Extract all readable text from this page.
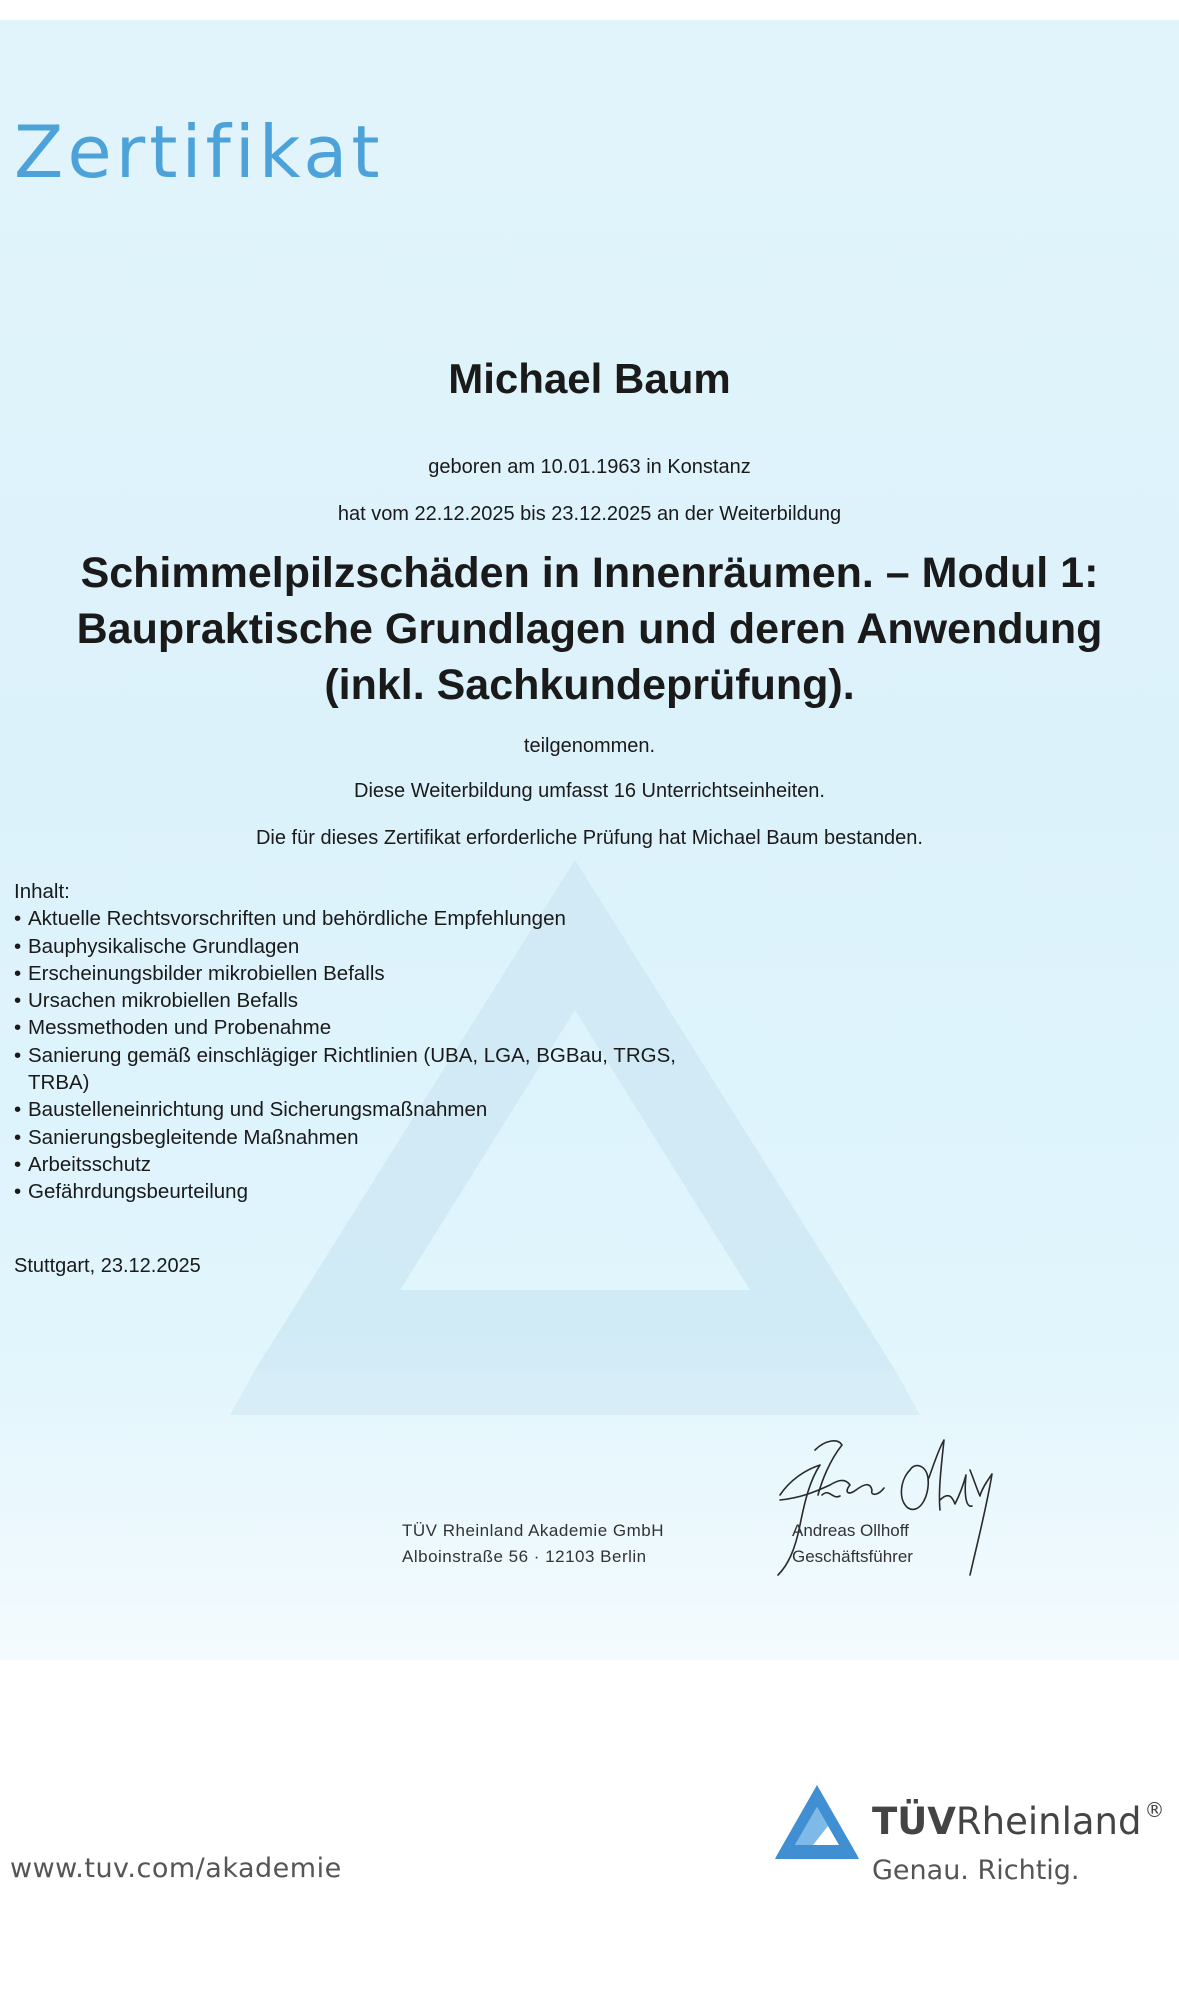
Zertifikat
Michael Baum
geboren am 10.01.1963 in Konstanz
hat vom 22.12.2025 bis 23.12.2025 an der Weiterbildung
Schimmelpilzschäden in Innenräumen. – Modul 1:
Baupraktische Grundlagen und deren Anwendung
(inkl. Sachkundeprüfung).
teilgenommen.
Diese Weiterbildung umfasst 16 Unterrichtseinheiten.
Die für dieses Zertifikat erforderliche Prüfung hat Michael Baum bestanden.
Inhalt:
• Aktuelle Rechtsvorschriften und behördliche Empfehlungen
• Bauphysikalische Grundlagen
• Erscheinungsbilder mikrobiellen Befalls
• Ursachen mikrobiellen Befalls
• Messmethoden und Probenahme
• Sanierung gemäß einschlägiger Richtlinien (UBA, LGA, BGBau, TRGS, TRBA)
• Baustelleneinrichtung und Sicherungsmaßnahmen
• Sanierungsbegleitende Maßnahmen
• Arbeitsschutz
• Gefährdungsbeurteilung
Stuttgart, 23.12.2025
TÜV Rheinland Akademie GmbH
Alboinstraße 56 · 12103 Berlin
Andreas Ollhoff
Geschäftsführer
www.tuv.com/akademie
TÜVRheinland ®
Genau. Richtig.
